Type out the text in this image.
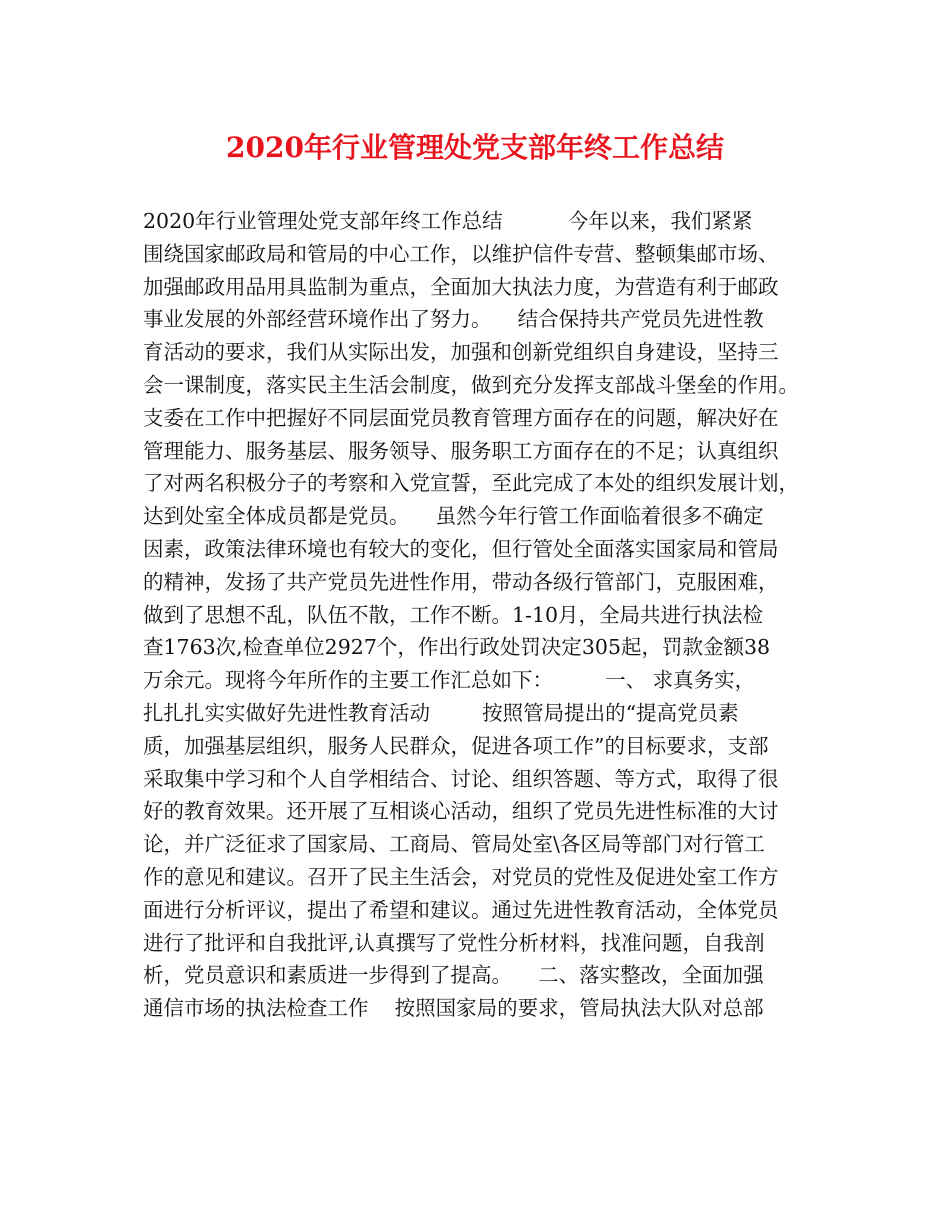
2020年行业管理处党支部年终工作总结
2020年行业管理处党支部年终工作总结          今年以来，我们紧紧
围绕国家邮政局和管局的中心工作，以维护信件专营、整顿集邮市场、
加强邮政用品用具监制为重点，全面加大执法力度，为营造有利于邮政
事业发展的外部经营环境作出了努力。    结合保持共产党员先进性教
育活动的要求，我们从实际出发，加强和创新党组织自身建设，坚持三
会一课制度，落实民主生活会制度，做到充分发挥支部战斗堡垒的作用。
支委在工作中把握好不同层面党员教育管理方面存在的问题，解决好在
管理能力、服务基层、服务领导、服务职工方面存在的不足；认真组织
了对两名积极分子的考察和入党宣誓，至此完成了本处的组织发展计划，
达到处室全体成员都是党员。    虽然今年行管工作面临着很多不确定
因素，政策法律环境也有较大的变化，但行管处全面落实国家局和管局
的精神，发扬了共产党员先进性作用，带动各级行管部门，克服困难，
做到了思想不乱，队伍不散，工作不断。1-10月，全局共进行执法检
查1763次,检查单位2927个，作出行政处罚决定305起，罚款金额38
万余元。现将今年所作的主要工作汇总如下：        一、 求真务实，
扎扎扎实实做好先进性教育活动        按照管局提出的“提高党员素
质，加强基层组织，服务人民群众，促进各项工作”的目标要求，支部
采取集中学习和个人自学相结合、讨论、组织答题、等方式，取得了很
好的教育效果。还开展了互相谈心活动，组织了党员先进性标准的大讨
论，并广泛征求了国家局、工商局、管局处室\各区局等部门对行管工
作的意见和建议。召开了民主生活会，对党员的党性及促进处室工作方
面进行分析评议，提出了希望和建议。通过先进性教育活动，全体党员
进行了批评和自我批评,认真撰写了党性分析材料，找准问题，自我剖
析，党员意识和素质进一步得到了提高。    二、落实整改，全面加强
通信市场的执法检查工作    按照国家局的要求，管局执法大队对总部
